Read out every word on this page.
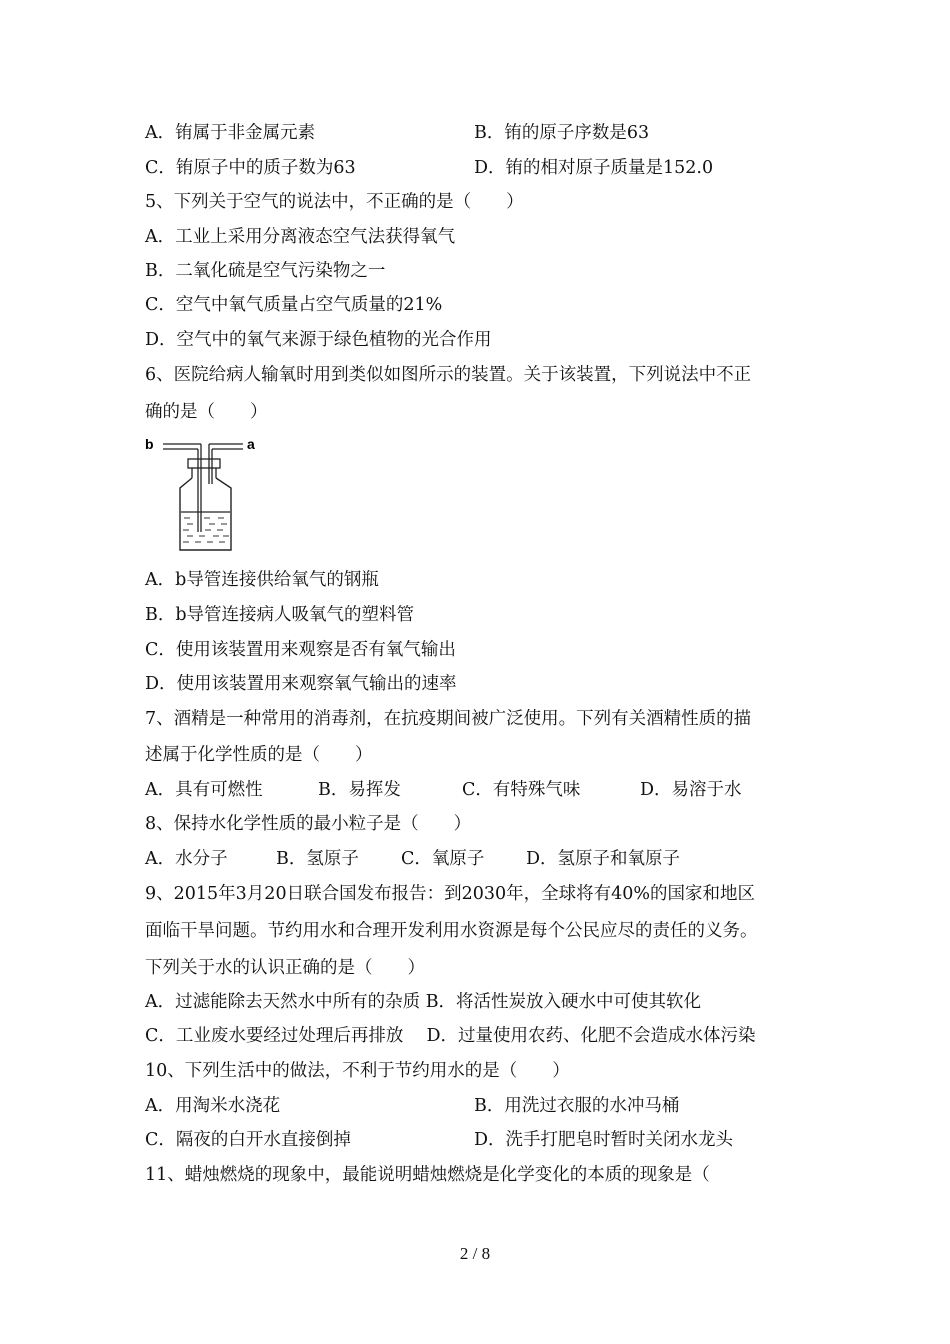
A．铕属于非金属元素	B．铕的原子序数是63
C．铕原子中的质子数为63	D．铕的相对原子质量是152.0
5、下列关于空气的说法中，不正确的是（　　）
A．工业上采用分离液态空气法获得氧气
B．二氧化硫是空气污染物之一
C．空气中氧气质量占空气质量的21%
D．空气中的氧气来源于绿色植物的光合作用
6、医院给病人输氧时用到类似如图所示的装置。关于该装置，下列说法中不正
确的是（　　）
b	a
A．b导管连接供给氧气的钢瓶
B．b导管连接病人吸氧气的塑料管
C．使用该装置用来观察是否有氧气输出
D．使用该装置用来观察氧气输出的速率
7、酒精是一种常用的消毒剂，在抗疫期间被广泛使用。下列有关酒精性质的描
述属于化学性质的是（　　）
A．具有可燃性	B．易挥发	C．有特殊气味	D．易溶于水
8、保持水化学性质的最小粒子是（　　）
A．水分子	B．氢原子 C．氧原子 D．氢原子和氧原子
9、2015年3月20日联合国发布报告：到2030年，全球将有40%的国家和地区
面临干旱问题。节约用水和合理开发利用水资源是每个公民应尽的责任的义务。
下列关于水的认识正确的是（　　）
A．过滤能除去天然水中所有的杂质 B．将活性炭放入硬水中可使其软化
C．工业废水要经过处理后再排放　 D．过量使用农药、化肥不会造成水体污染
10、下列生活中的做法，不利于节约用水的是（　　）
A．用淘米水浇花	B．用洗过衣服的水冲马桶
C．隔夜的白开水直接倒掉	D．洗手打肥皂时暂时关闭水龙头
11、蜡烛燃烧的现象中，最能说明蜡烛燃烧是化学变化的本质的现象是（
2 / 8
